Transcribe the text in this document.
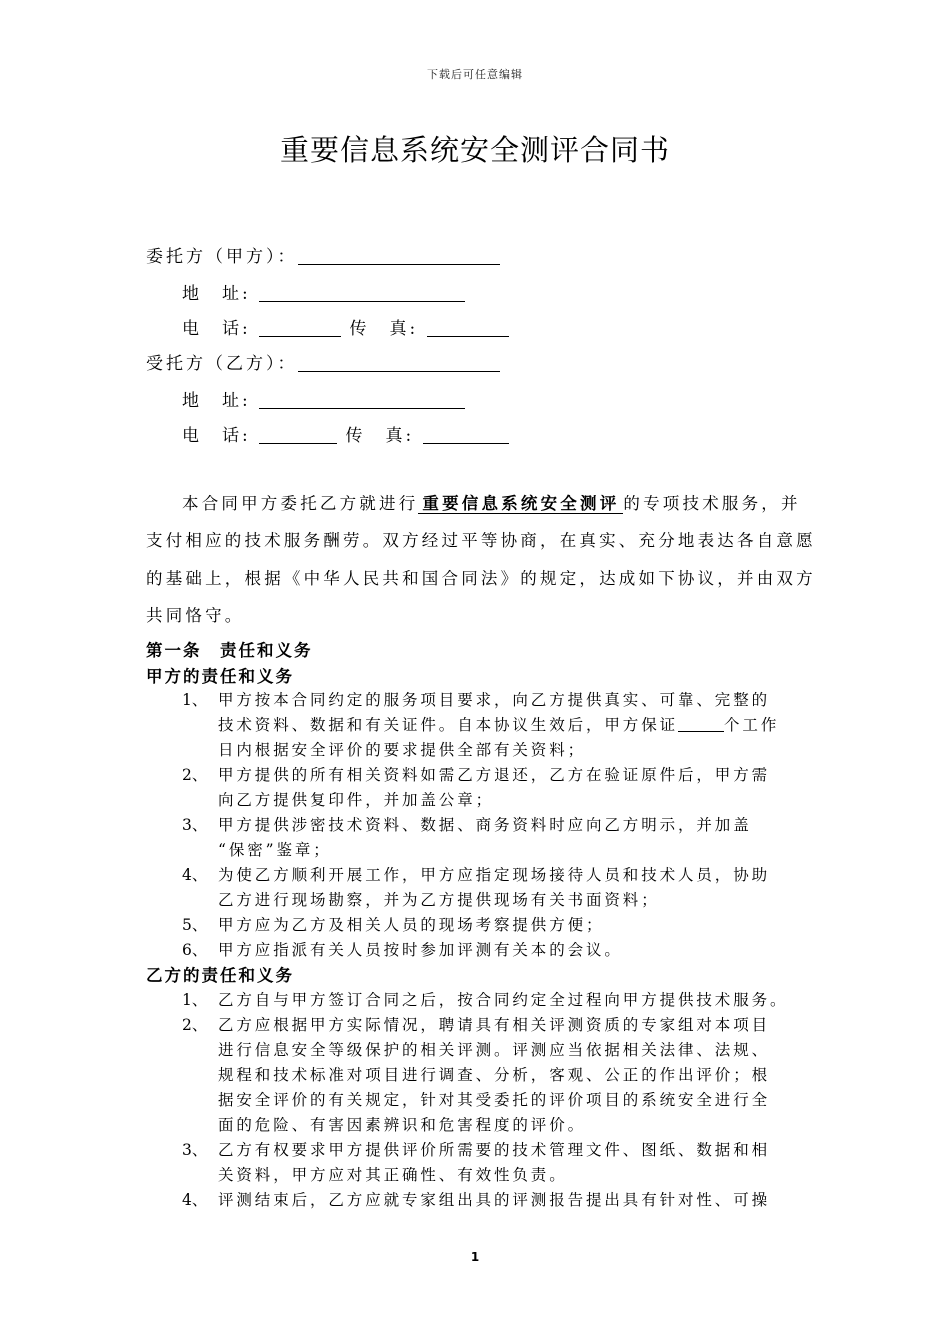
下载后可任意编辑
重要信息系统安全测评合同书
委托方（甲方）：
地　址:
电　话:	传　真:
受托方（乙方）：
地　址:
电　话:	传　真:
本合同甲方委托乙方就进行 重要信息系统安全测评 的专项技术服务，并
支付相应的技术服务酬劳。双方经过平等协商，在真实、充分地表达各自意愿
的基础上，根据《中华人民共和国合同法》的规定，达成如下协议，并由双方
共同恪守。
第一条　责任和义务
甲方的责任和义务
1、 甲方按本合同约定的服务项目要求，向乙方提供真实、可靠、完整的
技术资料、数据和有关证件。自本协议生效后，甲方保证	个工作
日内根据安全评价的要求提供全部有关资料；
2、 甲方提供的所有相关资料如需乙方退还，乙方在验证原件后，甲方需
向乙方提供复印件，并加盖公章；
3、 甲方提供涉密技术资料、数据、商务资料时应向乙方明示，并加盖
“保密”鉴章；
4、 为使乙方顺利开展工作，甲方应指定现场接待人员和技术人员，协助
乙方进行现场勘察，并为乙方提供现场有关书面资料；
5、 甲方应为乙方及相关人员的现场考察提供方便；
6、 甲方应指派有关人员按时参加评测有关本的会议。
乙方的责任和义务
1、 乙方自与甲方签订合同之后，按合同约定全过程向甲方提供技术服务。
2、 乙方应根据甲方实际情况，聘请具有相关评测资质的专家组对本项目
进行信息安全等级保护的相关评测。评测应当依据相关法律、法规、
规程和技术标准对项目进行调查、分析，客观、公正的作出评价；根
据安全评价的有关规定，针对其受委托的评价项目的系统安全进行全
面的危险、有害因素辨识和危害程度的评价。
3、 乙方有权要求甲方提供评价所需要的技术管理文件、图纸、数据和相
关资料，甲方应对其正确性、有效性负责。
4、 评测结束后，乙方应就专家组出具的评测报告提出具有针对性、可操
1
